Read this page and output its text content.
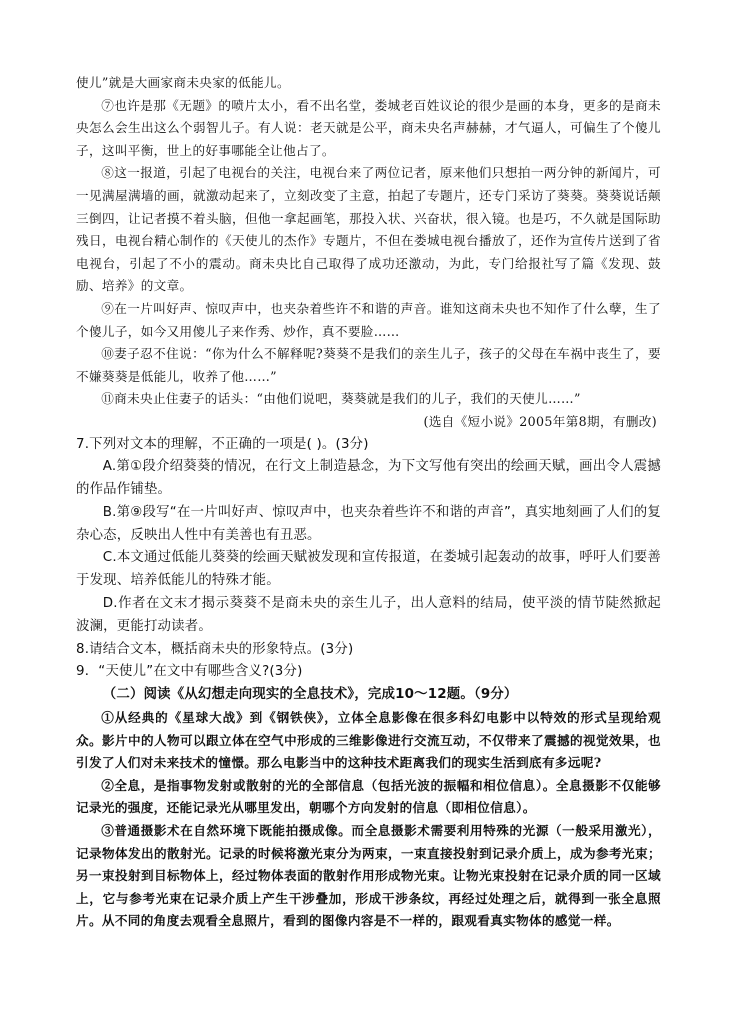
使儿”就是大画家商未央家的低能儿。

⑦也许是那《无题》的喷片太小，看不出名堂，娄城老百姓议论的很少是画的本身，更多的是商未央怎么会生出这么个弱智儿子。有人说：老天就是公平，商未央名声赫赫，才气逼人，可偏生了个傻儿子，这叫平衡，世上的好事哪能全让他占了。

⑧这一报道，引起了电视台的关注，电视台来了两位记者，原来他们只想拍一两分钟的新闻片，可一见满屋满墙的画，就激动起来了，立刻改变了主意，拍起了专题片，还专门采访了葵葵。葵葵说话颠三倒四，让记者摸不着头脑，但他一拿起画笔，那投入状、兴奋状，很入镜。也是巧，不久就是国际助残日，电视台精心制作的《天使儿的杰作》专题片，不但在娄城电视台播放了，还作为宣传片送到了省电视台，引起了不小的震动。商未央比自己取得了成功还激动，为此，专门给报社写了篇《发现、鼓励、培养》的文章。

⑨在一片叫好声、惊叹声中，也夹杂着些许不和谐的声音。谁知这商未央也不知作了什么孽，生了个傻儿子，如今又用傻儿子来作秀、炒作，真不要脸……

⑩妻子忍不住说：“你为什么不解释呢?葵葵不是我们的亲生儿子，孩子的父母在车祸中丧生了，要不嫌葵葵是低能儿，收养了他……”

⑪商未央止住妻子的话头：“由他们说吧，葵葵就是我们的儿子，我们的天使儿……”

(选自《短小说》2005年第8期，有删改)

7.下列对文本的理解，不正确的一项是( )。(3分)

A.第①段介绍葵葵的情况，在行文上制造悬念，为下文写他有突出的绘画天赋，画出令人震撼的作品作铺垫。

B.第⑨段写“在一片叫好声、惊叹声中，也夹杂着些许不和谐的声音”，真实地刻画了人们的复杂心态，反映出人性中有美善也有丑恶。

C.本文通过低能儿葵葵的绘画天赋被发现和宣传报道，在娄城引起轰动的故事，呼吁人们要善于发现、培养低能儿的特殊才能。

D.作者在文末才揭示葵葵不是商未央的亲生儿子，出人意料的结局，使平淡的情节陡然掀起波澜，更能打动读者。

8.请结合文本，概括商未央的形象特点。(3分)

9．“天使儿”在文中有哪些含义?(3分)

（二）阅读《从幻想走向现实的全息技术》，完成10～12题。（9分）

①从经典的《星球大战》到《钢铁侠》，立体全息影像在很多科幻电影中以特效的形式呈现给观众。影片中的人物可以跟立体在空气中形成的三维影像进行交流互动，不仅带来了震撼的视觉效果，也引发了人们对未来技术的憧憬。那么电影当中的这种技术距离我们的现实生活到底有多远呢?

②全息，是指事物发射或散射的光的全部信息（包括光波的振幅和相位信息）。全息摄影不仅能够记录光的强度，还能记录光从哪里发出，朝哪个方向发射的信息（即相位信息）。

③普通摄影术在自然环境下既能拍摄成像。而全息摄影术需要利用特殊的光源（一般采用激光），记录物体发出的散射光。记录的时候将激光束分为两束，一束直接投射到记录介质上，成为参考光束；另一束投射到目标物体上，经过物体表面的散射作用形成物光束。让物光束投射在记录介质的同一区域上，它与参考光束在记录介质上产生干涉叠加，形成干涉条纹，再经过处理之后，就得到一张全息照片。从不同的角度去观看全息照片，看到的图像内容是不一样的，跟观看真实物体的感觉一样。
